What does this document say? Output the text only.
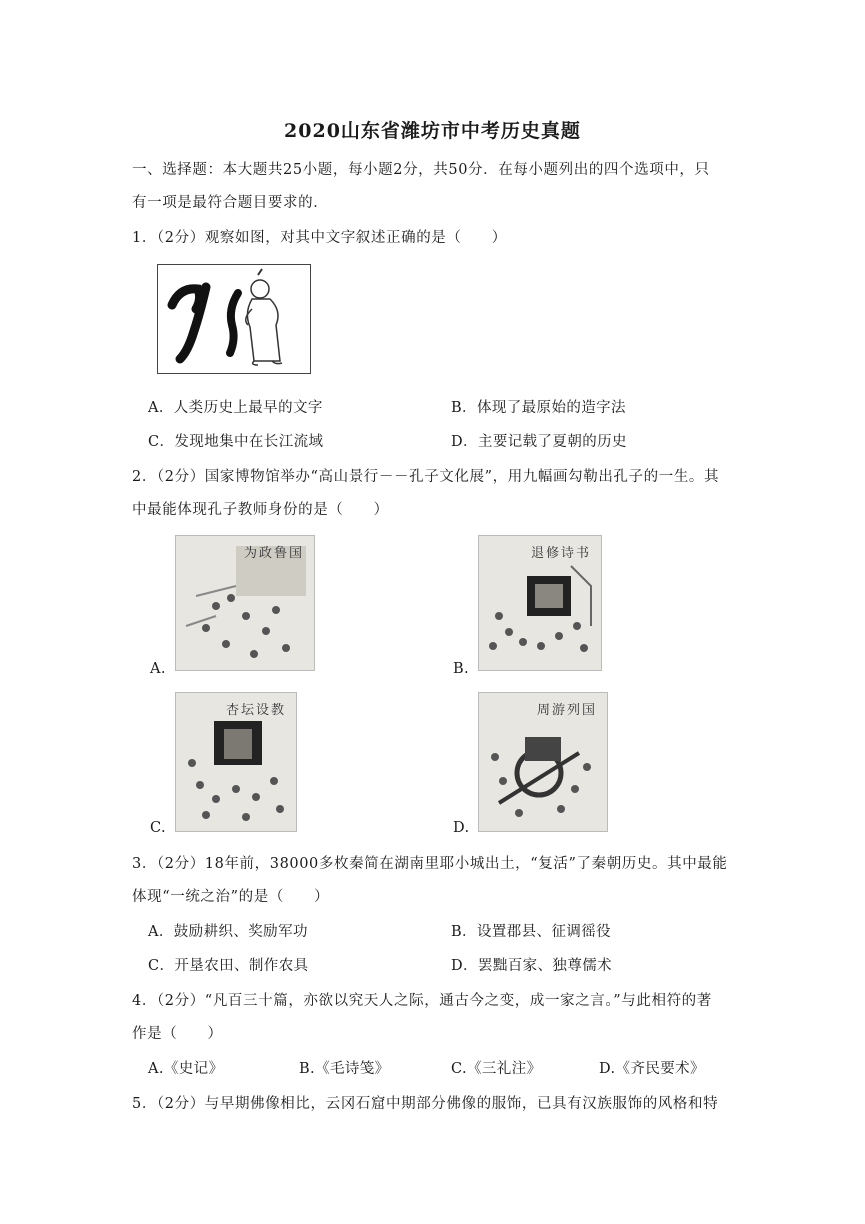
2020山东省潍坊市中考历史真题
一、选择题：本大题共25小题，每小题2分，共50分．在每小题列出的四个选项中，只
有一项是最符合题目要求的．
1．（2分）观察如图，对其中文字叙述正确的是（　　）
A．人类历史上最早的文字	B．体现了最原始的造字法
C．发现地集中在长江流域	D．主要记载了夏朝的历史
2．（2分）国家博物馆举办“高山景行－－孔子文化展”，用九幅画勾勒出孔子的一生。其
中最能体现孔子教师身份的是（　　）
为政鲁国
A.
退修诗书
B.
杏坛设教
C.
周游列国
D.
3．（2分）18年前，38000多枚秦简在湖南里耶小城出土，“复活”了秦朝历史。其中最能
体现“一统之治”的是（　　）
A．鼓励耕织、奖励军功	B．设置郡县、征调徭役
C．开垦农田、制作农具	D．罢黜百家、独尊儒术
4．（2分）“凡百三十篇，亦欲以究天人之际，通古今之变，成一家之言。”与此相符的著
作是（　　）
A.《史记》	B.《毛诗笺》	C.《三礼注》	D.《齐民要术》
5．（2分）与早期佛像相比，云冈石窟中期部分佛像的服饰，已具有汉族服饰的风格和特
